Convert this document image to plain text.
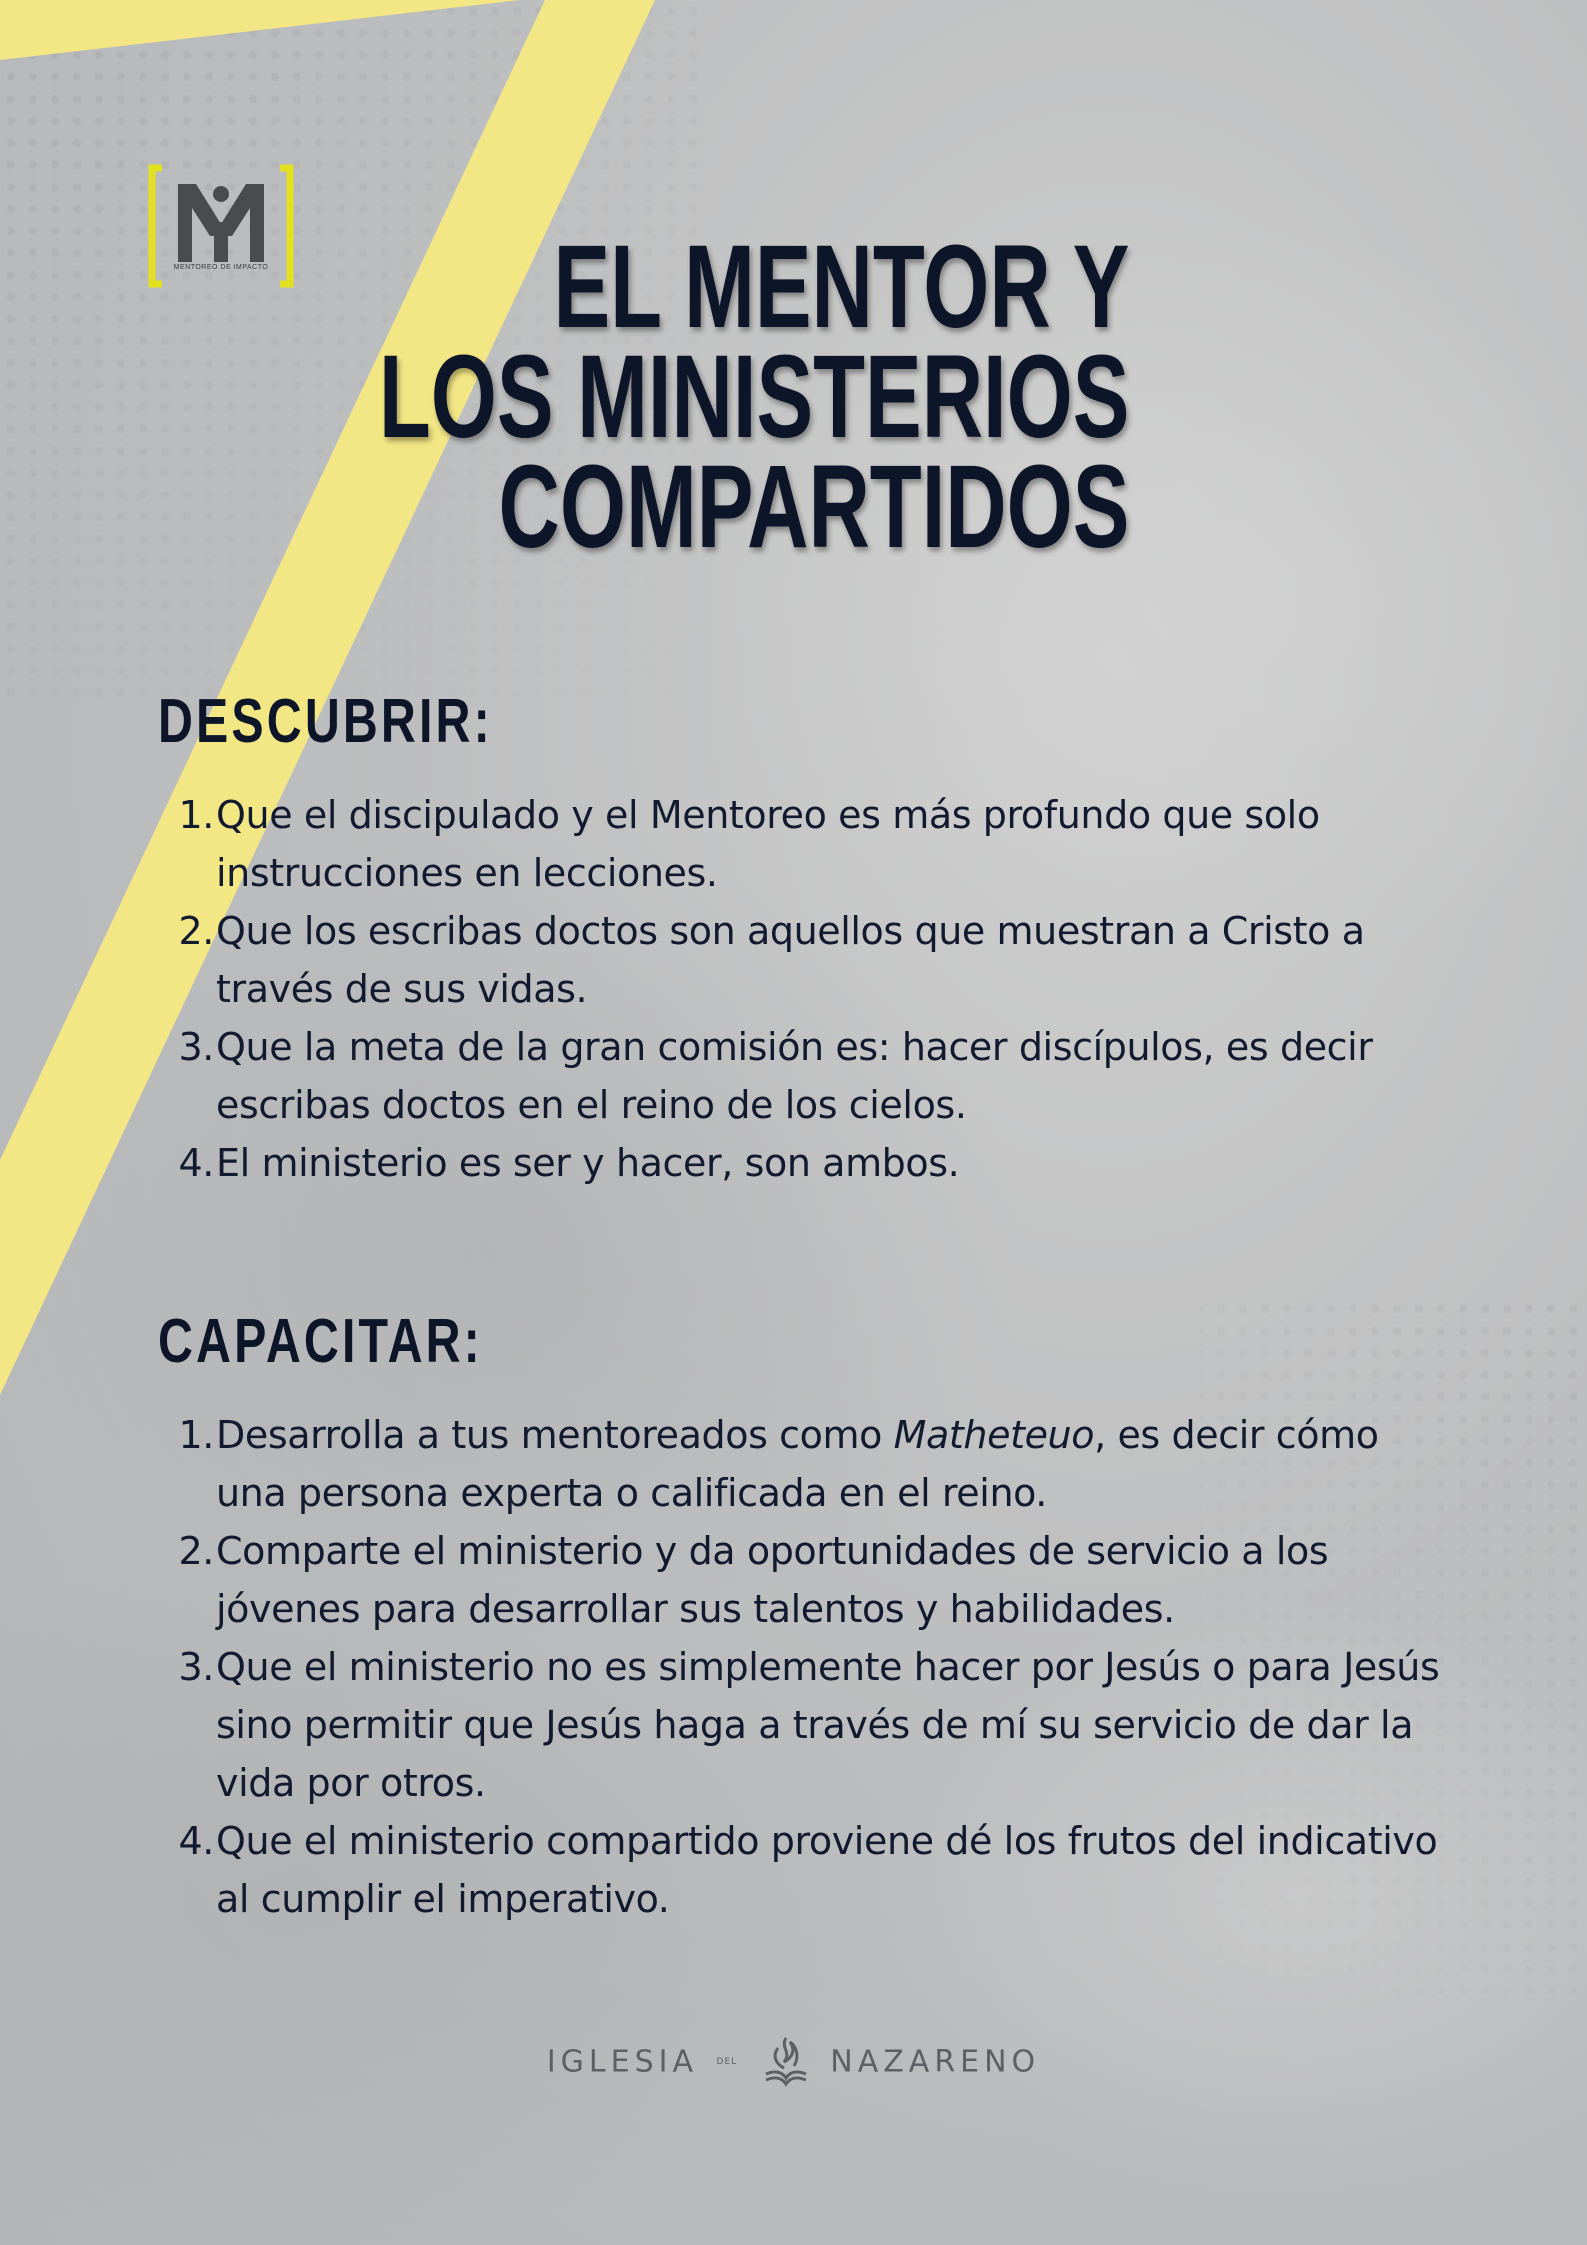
MENTOREO DE IMPACTO	EL MENTOR Y
LOS MINISTERIOS
COMPARTIDOS
DESCUBRIR:
1. Que el discipulado y el Mentoreo es más profundo que solo instrucciones en lecciones.
2. Que los escribas doctos son aquellos que muestran a Cristo a través de sus vidas.
3. Que la meta de la gran comisión es: hacer discípulos, es decir escribas doctos en el reino de los cielos.
4. El ministerio es ser y hacer, son ambos.
CAPACITAR:
1. Desarrolla a tus mentoreados como Matheteuo, es decir cómo una persona experta o calificada en el reino.
2. Comparte el ministerio y da oportunidades de servicio a los jóvenes para desarrollar sus talentos y habilidades.
3. Que el ministerio no es simplemente hacer por Jesús o para Jesús sino permitir que Jesús haga a través de mí su servicio de dar la vida por otros.
4. Que el ministerio compartido proviene dé los frutos del indicativo al cumplir el imperativo.
IGLESIA DEL	NAZARENO
